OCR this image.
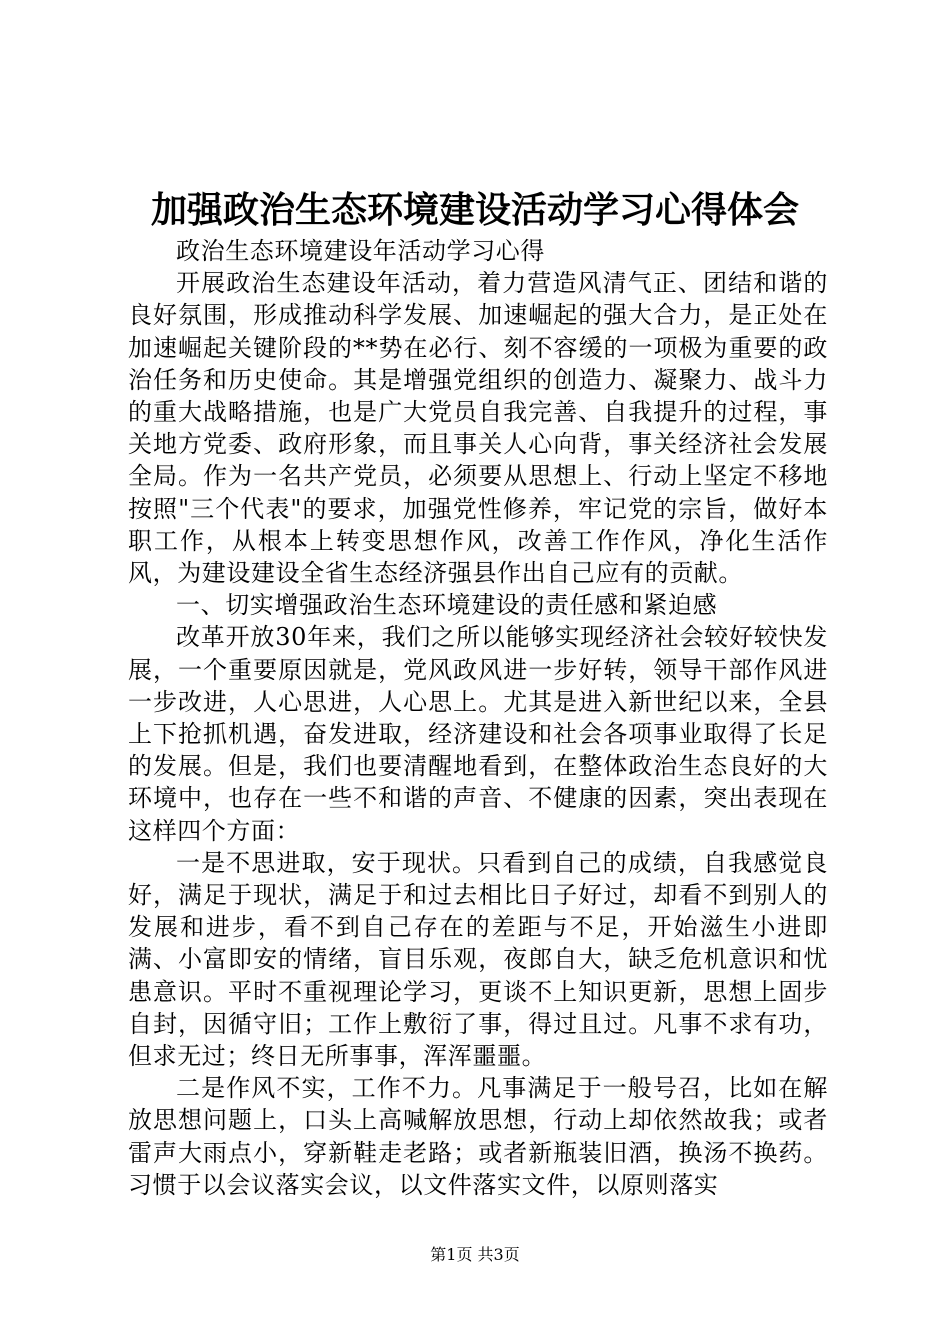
加强政治生态环境建设活动学习心得体会

政治生态环境建设年活动学习心得

开展政治生态建设年活动，着力营造风清气正、团结和谐的良好氛围，形成推动科学发展、加速崛起的强大合力，是正处在加速崛起关键阶段的**势在必行、刻不容缓的一项极为重要的政治任务和历史使命。其是增强党组织的创造力、凝聚力、战斗力的重大战略措施，也是广大党员自我完善、自我提升的过程，事关地方党委、政府形象，而且事关人心向背，事关经济社会发展全局。作为一名共产党员，必须要从思想上、行动上坚定不移地按照"三个代表"的要求，加强党性修养，牢记党的宗旨，做好本职工作，从根本上转变思想作风，改善工作作风，净化生活作风，为建设建设全省生态经济强县作出自己应有的贡献。

一、切实增强政治生态环境建设的责任感和紧迫感

改革开放30年来，我们之所以能够实现经济社会较好较快发展，一个重要原因就是，党风政风进一步好转，领导干部作风进一步改进，人心思进，人心思上。尤其是进入新世纪以来，全县上下抢抓机遇，奋发进取，经济建设和社会各项事业取得了长足的发展。但是，我们也要清醒地看到，在整体政治生态良好的大环境中，也存在一些不和谐的声音、不健康的因素，突出表现在这样四个方面：

一是不思进取，安于现状。只看到自己的成绩，自我感觉良好，满足于现状，满足于和过去相比日子好过，却看不到别人的发展和进步，看不到自己存在的差距与不足，开始滋生小进即满、小富即安的情绪，盲目乐观，夜郎自大，缺乏危机意识和忧患意识。平时不重视理论学习，更谈不上知识更新，思想上固步自封，因循守旧；工作上敷衍了事，得过且过。凡事不求有功，但求无过；终日无所事事，浑浑噩噩。

二是作风不实，工作不力。凡事满足于一般号召，比如在解放思想问题上，口头上高喊解放思想，行动上却依然故我；或者雷声大雨点小，穿新鞋走老路；或者新瓶装旧酒，换汤不换药。习惯于以会议落实会议，以文件落实文件，以原则落实

第1页 共3页
